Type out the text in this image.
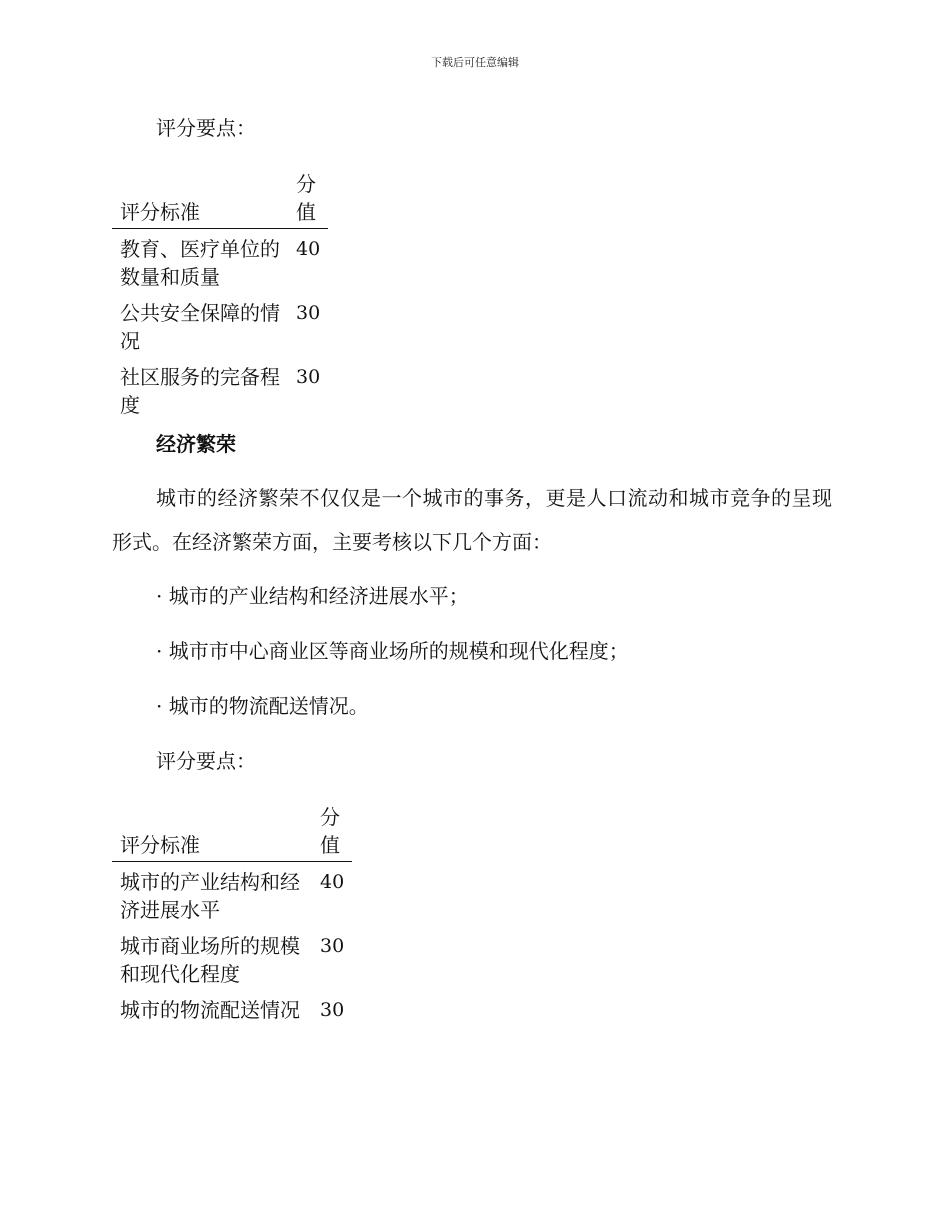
下载后可任意编辑

评分要点：

评分标准	分值
教育、医疗单位的数量和质量	40
公共安全保障的情况	30
社区服务的完备程度	30

经济繁荣

城市的经济繁荣不仅仅是一个城市的事务，更是人口流动和城市竞争的呈现形式。在经济繁荣方面，主要考核以下几个方面：

· 城市的产业结构和经济进展水平；

· 城市市中心商业区等商业场所的规模和现代化程度；

· 城市的物流配送情况。

评分要点：

评分标准	分值
城市的产业结构和经济进展水平	40
城市商业场所的规模和现代化程度	30
城市的物流配送情况	30
